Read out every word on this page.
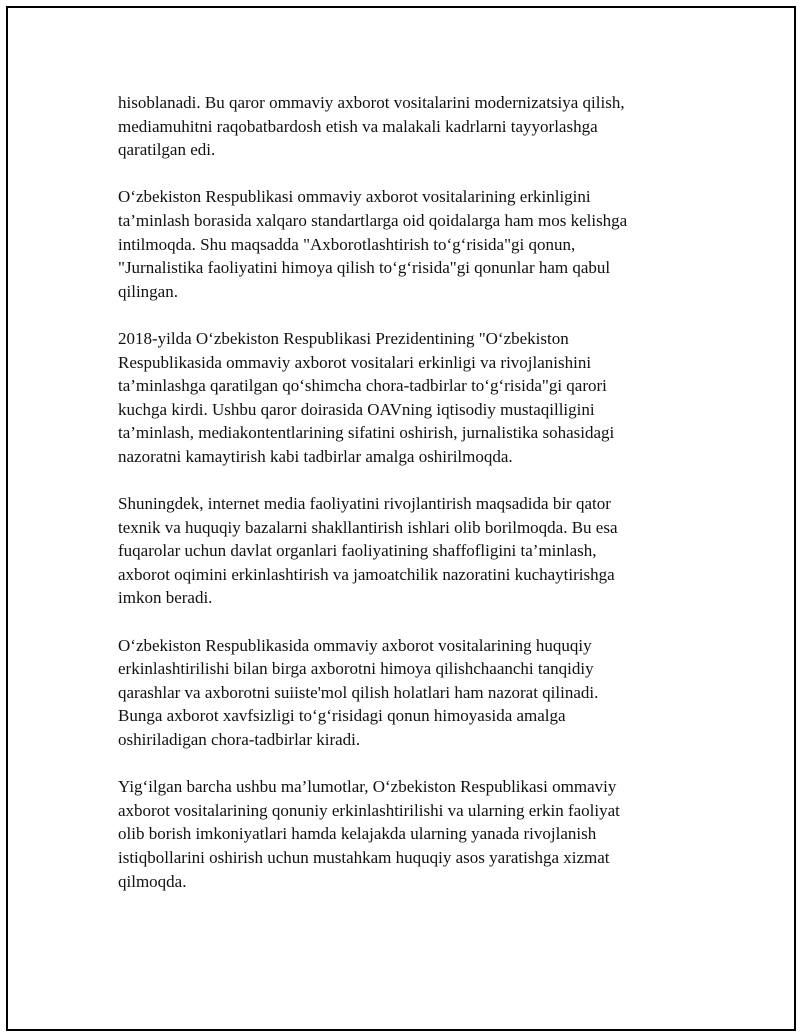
hisoblanadi. Bu qaror ommaviy axborot vositalarini modernizatsiya qilish,
mediamuhitni raqobatbardosh etish va malakali kadrlarni tayyorlashga
qaratilgan edi.
O‘zbekiston Respublikasi ommaviy axborot vositalarining erkinligini
ta’minlash borasida xalqaro standartlarga oid qoidalarga ham mos kelishga
intilmoqda. Shu maqsadda "Axborotlashtirish to‘g‘risida"gi qonun,
"Jurnalistika faoliyatini himoya qilish to‘g‘risida"gi qonunlar ham qabul
qilingan.
2018-yilda O‘zbekiston Respublikasi Prezidentining "O‘zbekiston
Respublikasida ommaviy axborot vositalari erkinligi va rivojlanishini
ta’minlashga qaratilgan qo‘shimcha chora-tadbirlar to‘g‘risida"gi qarori
kuchga kirdi. Ushbu qaror doirasida OAVning iqtisodiy mustaqilligini
ta’minlash, mediakontentlarining sifatini oshirish, jurnalistika sohasidagi
nazoratni kamaytirish kabi tadbirlar amalga oshirilmoqda.
Shuningdek, internet media faoliyatini rivojlantirish maqsadida bir qator
texnik va huquqiy bazalarni shakllantirish ishlari olib borilmoqda. Bu esa
fuqarolar uchun davlat organlari faoliyatining shaffofligini ta’minlash,
axborot oqimini erkinlashtirish va jamoatchilik nazoratini kuchaytirishga
imkon beradi.
O‘zbekiston Respublikasida ommaviy axborot vositalarining huquqiy
erkinlashtirilishi bilan birga axborotni himoya qilishchaanchi tanqidiy
qarashlar va axborotni suiiste'mol qilish holatlari ham nazorat qilinadi.
Bunga axborot xavfsizligi to‘g‘risidagi qonun himoyasida amalga
oshiriladigan chora-tadbirlar kiradi.
Yig‘ilgan barcha ushbu ma’lumotlar, O‘zbekiston Respublikasi ommaviy
axborot vositalarining qonuniy erkinlashtirilishi va ularning erkin faoliyat
olib borish imkoniyatlari hamda kelajakda ularning yanada rivojlanish
istiqbollarini oshirish uchun mustahkam huquqiy asos yaratishga xizmat
qilmoqda.
